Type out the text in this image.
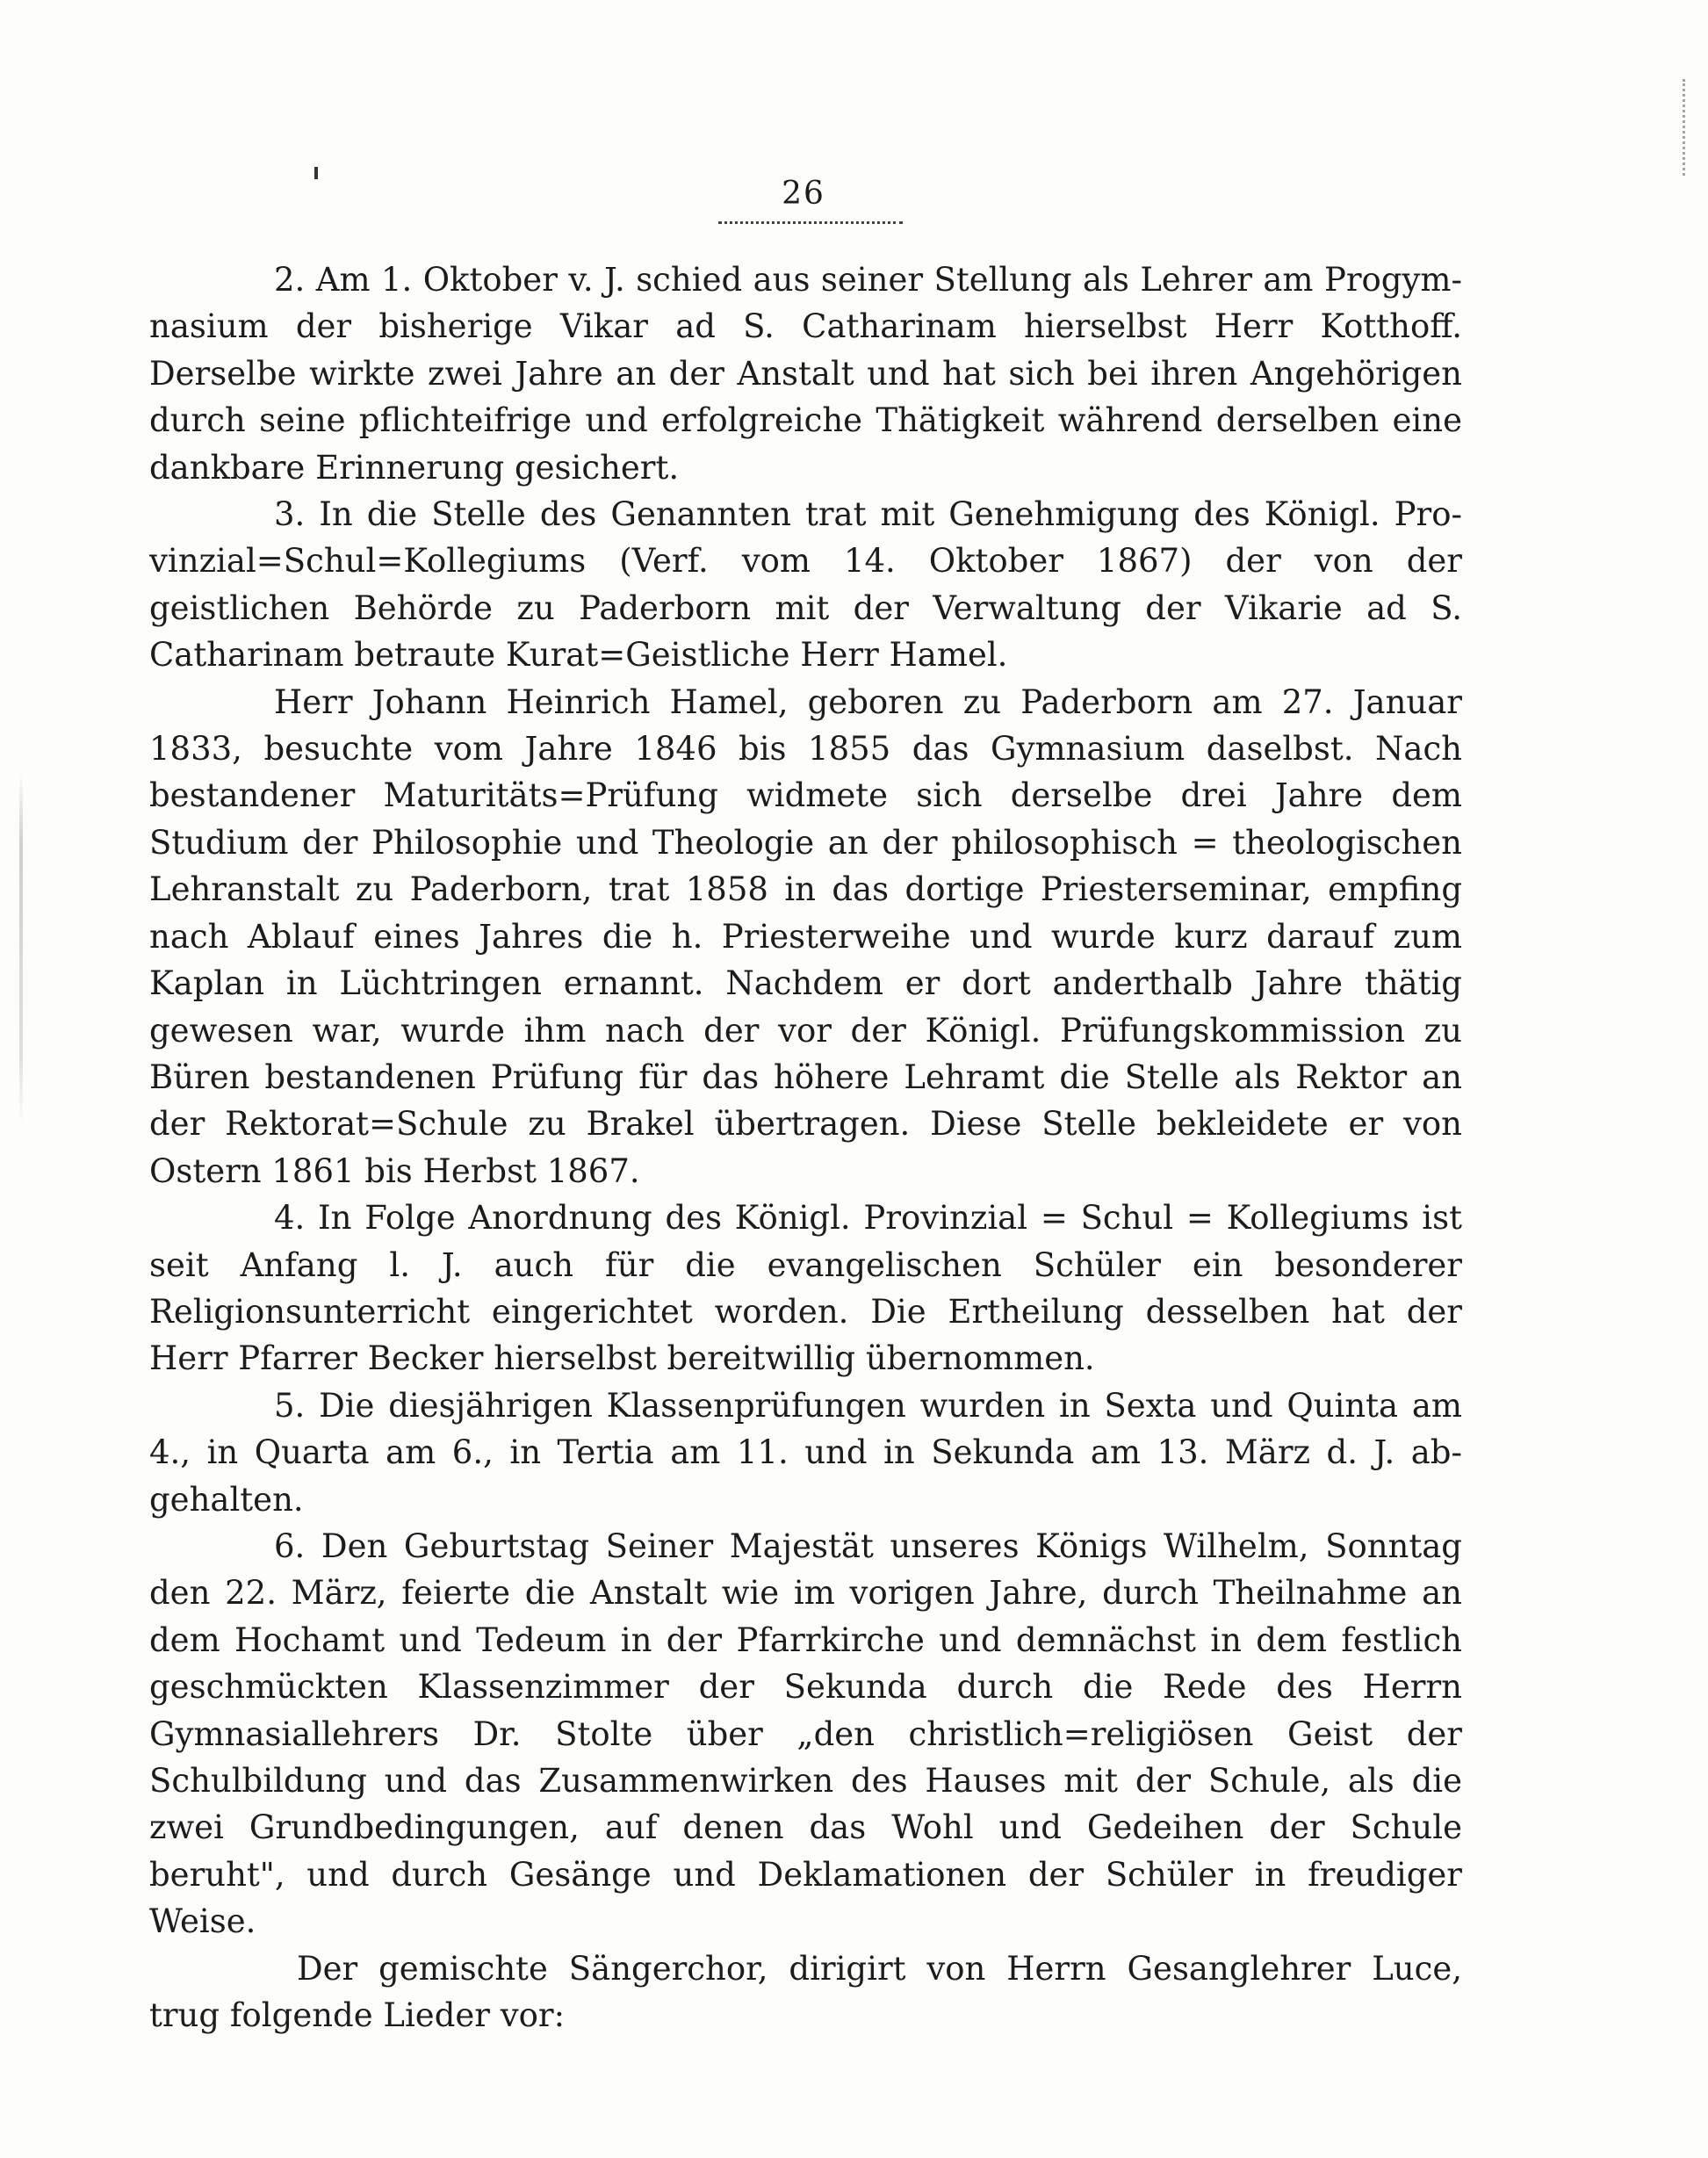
26

2. Am 1. Oktober v. J. schied aus seiner Stellung als Lehrer am Progymnasium der bisherige Vikar ad S. Catharinam hierselbst Herr Kotthoff. Derselbe wirkte zwei Jahre an der Anstalt und hat sich bei ihren Angehörigen durch seine pflichteifrige und erfolgreiche Thätigkeit während derselben eine dankbare Erinnerung gesichert.

3. In die Stelle des Genannten trat mit Genehmigung des Königl. Provinzial=Schul=Kollegiums (Verf. vom 14. Oktober 1867) der von der geistlichen Behörde zu Paderborn mit der Verwaltung der Vikarie ad S. Catharinam betraute Kurat=Geistliche Herr Hamel.

Herr Johann Heinrich Hamel, geboren zu Paderborn am 27. Januar 1833, besuchte vom Jahre 1846 bis 1855 das Gymnasium daselbst. Nach bestandener Maturitäts=Prüfung widmete sich derselbe drei Jahre dem Studium der Philosophie und Theologie an der philosophisch = theologischen Lehranstalt zu Paderborn, trat 1858 in das dortige Priesterseminar, empfing nach Ablauf eines Jahres die h. Priesterweihe und wurde kurz darauf zum Kaplan in Lüchtringen ernannt. Nachdem er dort anderthalb Jahre thätig gewesen war, wurde ihm nach der vor der Königl. Prüfungskommission zu Büren bestandenen Prüfung für das höhere Lehramt die Stelle als Rektor an der Rektorat=Schule zu Brakel übertragen. Diese Stelle bekleidete er von Ostern 1861 bis Herbst 1867.

4. In Folge Anordnung des Königl. Provinzial = Schul = Kollegiums ist seit Anfang l. J. auch für die evangelischen Schüler ein besonderer Religionsunterricht eingerichtet worden. Die Ertheilung desselben hat der Herr Pfarrer Becker hierselbst bereitwillig übernommen.

5. Die diesjährigen Klassenprüfungen wurden in Sexta und Quinta am 4., in Quarta am 6., in Tertia am 11. und in Sekunda am 13. März d. J. abgehalten.

6. Den Geburtstag Seiner Majestät unseres Königs Wilhelm, Sonntag den 22. März, feierte die Anstalt wie im vorigen Jahre, durch Theilnahme an dem Hochamt und Tedeum in der Pfarrkirche und demnächst in dem festlich geschmückten Klassenzimmer der Sekunda durch die Rede des Herrn Gymnasiallehrers Dr. Stolte über „den christlich=religiösen Geist der Schulbildung und das Zusammenwirken des Hauses mit der Schule, als die zwei Grundbedingungen, auf denen das Wohl und Gedeihen der Schule beruht", und durch Gesänge und Deklamationen der Schüler in freudiger Weise.

Der gemischte Sängerchor, dirigirt von Herrn Gesanglehrer Luce, trug folgende Lieder vor:
